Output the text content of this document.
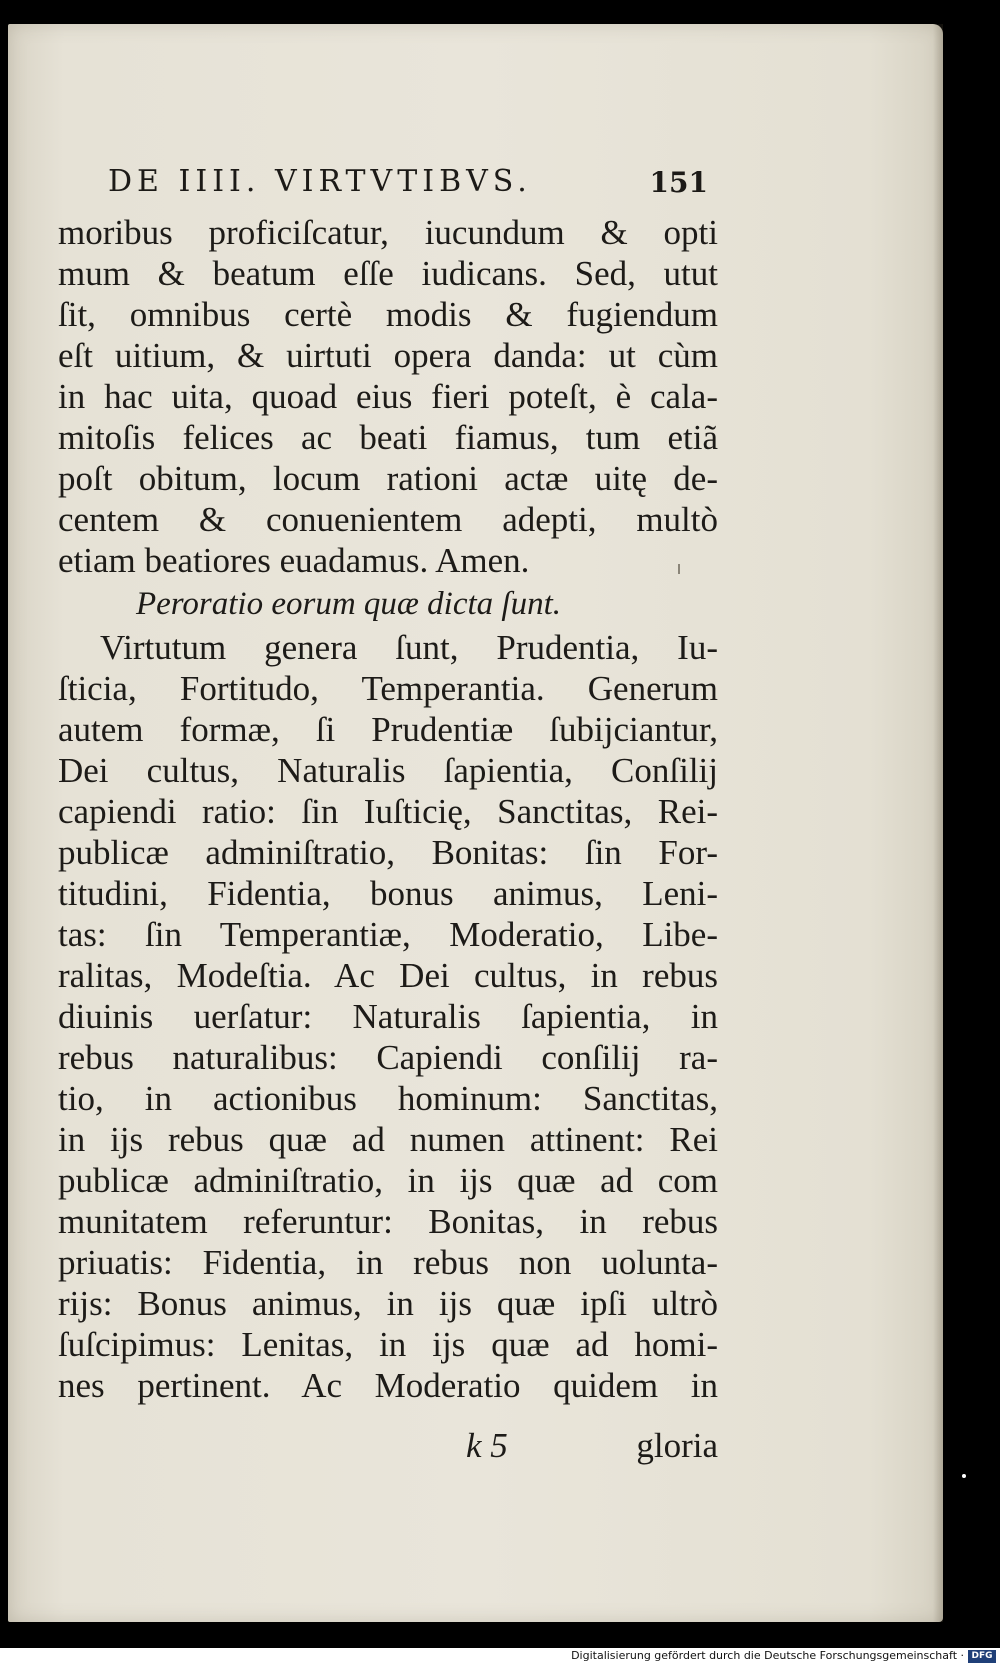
DE IIII. VIRTVTIBVS.	151
moribus proficiſcatur, iucundum & opti
mum & beatum eſſe iudicans. Sed, utut
ſit, omnibus certè modis & fugiendum
eſt uitium, & uirtuti opera danda: ut cùm
in hac uita, quoad eius fieri poteſt, è cala-
mitoſis felices ac beati fiamus, tum etiã
poſt obitum, locum rationi actæ uitę de-
centem & conuenientem adepti, multò
etiam beatiores euadamus. Amen.
Peroratio eorum quæ dicta ſunt.
Virtutum genera ſunt, Prudentia, Iu-
ſticia, Fortitudo, Temperantia. Generum
autem formæ, ſi Prudentiæ ſubijciantur,
Dei cultus, Naturalis ſapientia, Conſilij
capiendi ratio: ſin Iuſticię, Sanctitas, Rei-
publicæ adminiſtratio, Bonitas: ſin For-
titudini, Fidentia, bonus animus, Leni-
tas: ſin Temperantiæ, Moderatio, Libe-
ralitas, Modeſtia. Ac Dei cultus, in rebus
diuinis uerſatur: Naturalis ſapientia, in
rebus naturalibus: Capiendi conſilij ra-
tio, in actionibus hominum: Sanctitas,
in ijs rebus quæ ad numen attinent: Rei
publicæ adminiſtratio, in ijs quæ ad com
munitatem referuntur: Bonitas, in rebus
priuatis: Fidentia, in rebus non uolunta-
rijs: Bonus animus, in ijs quæ ipſi ultrò
ſuſcipimus: Lenitas, in ijs quæ ad homi-
nes pertinent. Ac Moderatio quidem in
k 5	gloria
Digitalisierung gefördert durch die Deutsche Forschungsgemeinschaft · DFG
